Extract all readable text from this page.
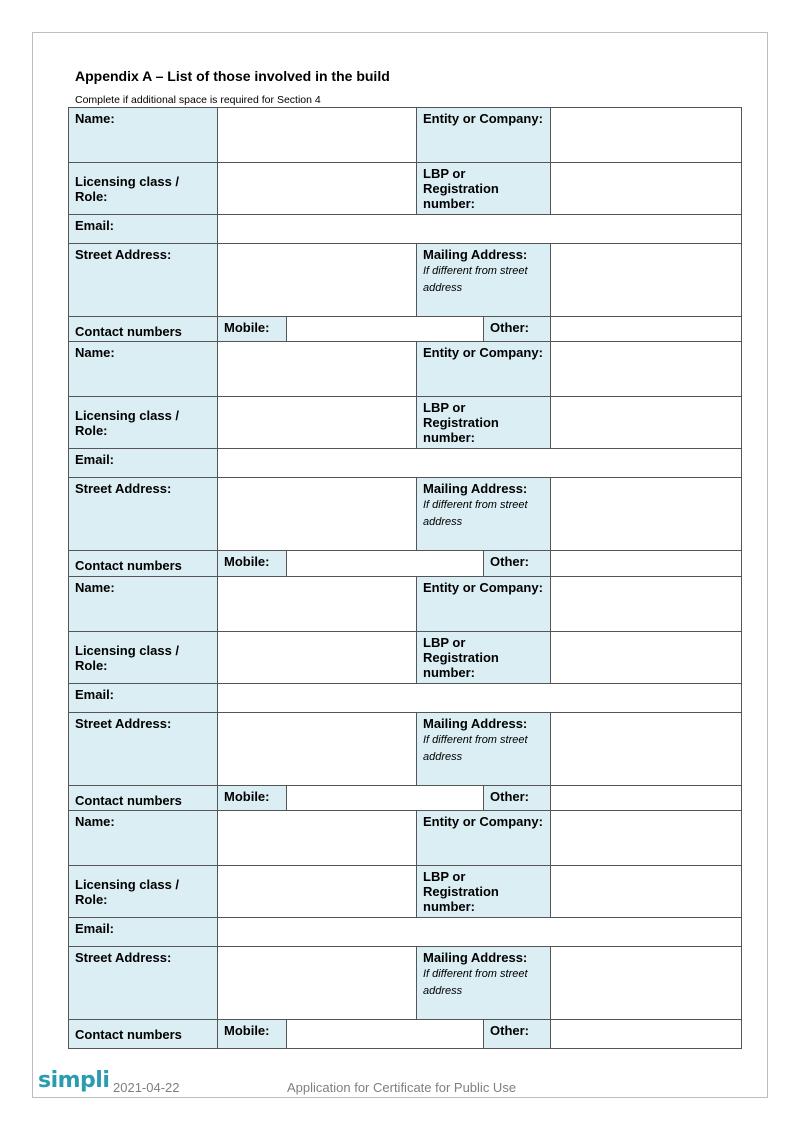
Appendix A – List of those involved in the build
Complete if additional space is required for Section 4
Name:			Entity or Company:		
Licensing class / Role:			LBP or Registration number:		
Email:					
Street Address:			Mailing Address:
If different from street address		

Contact numbers	Mobile:			Other:	
Name:			Entity or Company:		
Licensing class / Role:			LBP or Registration number:		
Email:					
Street Address:			Mailing Address:
If different from street address		

Contact numbers	Mobile:			Other:	
Name:			Entity or Company:		
Licensing class / Role:			LBP or Registration number:		
Email:					
Street Address:			Mailing Address:
If different from street address		

Contact numbers	Mobile:			Other:	
Name:			Entity or Company:		
Licensing class / Role:			LBP or Registration number:		
Email:					
Street Address:			Mailing Address:
If different from street address		

Contact numbers	Mobile:			Other:	
simpli 2021-04-22	Application for Certificate for Public Use
